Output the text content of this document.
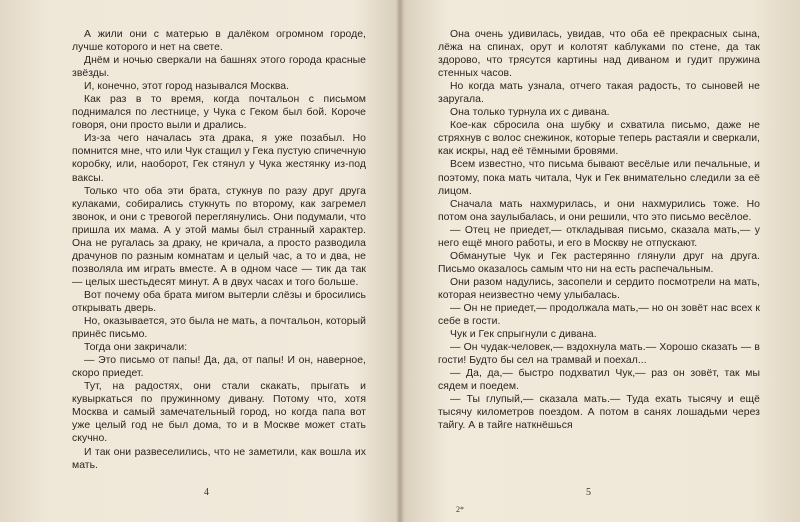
А жили они с матерью в далёком огромном городе, лучше которого и нет на свете.

Днём и ночью сверкали на башнях этого города красные звёзды.

И, конечно, этот город назывался Москва.

Как раз в то время, когда почтальон с письмом поднимался по лестнице, у Чука с Геком был бой. Короче говоря, они просто выли и дрались.

Из-за чего началась эта драка, я уже позабыл. Но помнится мне, что или Чук стащил у Гека пустую спичечную коробку, или, наоборот, Гек стянул у Чука жестянку из-под ваксы.

Только что оба эти брата, стукнув по разу друг друга кулаками, собирались стукнуть по второму, как загремел звонок, и они с тревогой переглянулись. Они подумали, что пришла их мама. А у этой мамы был странный характер. Она не ругалась за драку, не кричала, а просто разводила драчунов по разным комнатам и целый час, а то и два, не позволяла им играть вместе. А в одном часе — тик да так — целых шестьдесят минут. А в двух часах и того больше.

Вот почему оба брата мигом вытерли слёзы и бросились открывать дверь.

Но, оказывается, это была не мать, а почтальон, который принёс письмо.

Тогда они закричали:

— Это письмо от папы! Да, да, от папы! И он, наверное, скоро приедет.

Тут, на радостях, они стали скакать, прыгать и кувыркаться по пружинному дивану. Потому что, хотя Москва и самый замечательный город, но когда папа вот уже целый год не был дома, то и в Москве может стать скучно.

И так они развеселились, что не заметили, как вошла их мать.

4

Она очень удивилась, увидав, что оба её прекрасных сына, лёжа на спинах, орут и колотят каблуками по стене, да так здорово, что трясутся картины над диваном и гудит пружина стенных часов.

Но когда мать узнала, отчего такая радость, то сыновей не заругала.

Она только турнула их с дивана.

Кое-как сбросила она шубку и схватила письмо, даже не стряхнув с волос снежинок, которые теперь растаяли и сверкали, как искры, над её тёмными бровями.

Всем известно, что письма бывают весёлые или печальные, и поэтому, пока мать читала, Чук и Гек внимательно следили за её лицом.

Сначала мать нахмурилась, и они нахмурились тоже. Но потом она заулыбалась, и они решили, что это письмо весёлое.

— Отец не приедет,— откладывая письмо, сказала мать,— у него ещё много работы, и его в Москву не отпускают.

Обманутые Чук и Гек растерянно глянули друг на друга. Письмо оказалось самым что ни на есть распечальным.

Они разом надулись, засопели и сердито посмотрели на мать, которая неизвестно чему улыбалась.

— Он не приедет,— продолжала мать,— но он зовёт нас всех к себе в гости.

Чук и Гек спрыгнули с дивана.

— Он чудак-человек,— вздохнула мать.— Хорошо сказать — в гости! Будто бы сел на трамвай и поехал...

— Да, да,— быстро подхватил Чук,— раз он зовёт, так мы сядем и поедем.

— Ты глупый,— сказала мать.— Туда ехать тысячу и ещё тысячу километров поездом. А потом в санях лошадьми через тайгу. А в тайге наткнёшься

2*
5
